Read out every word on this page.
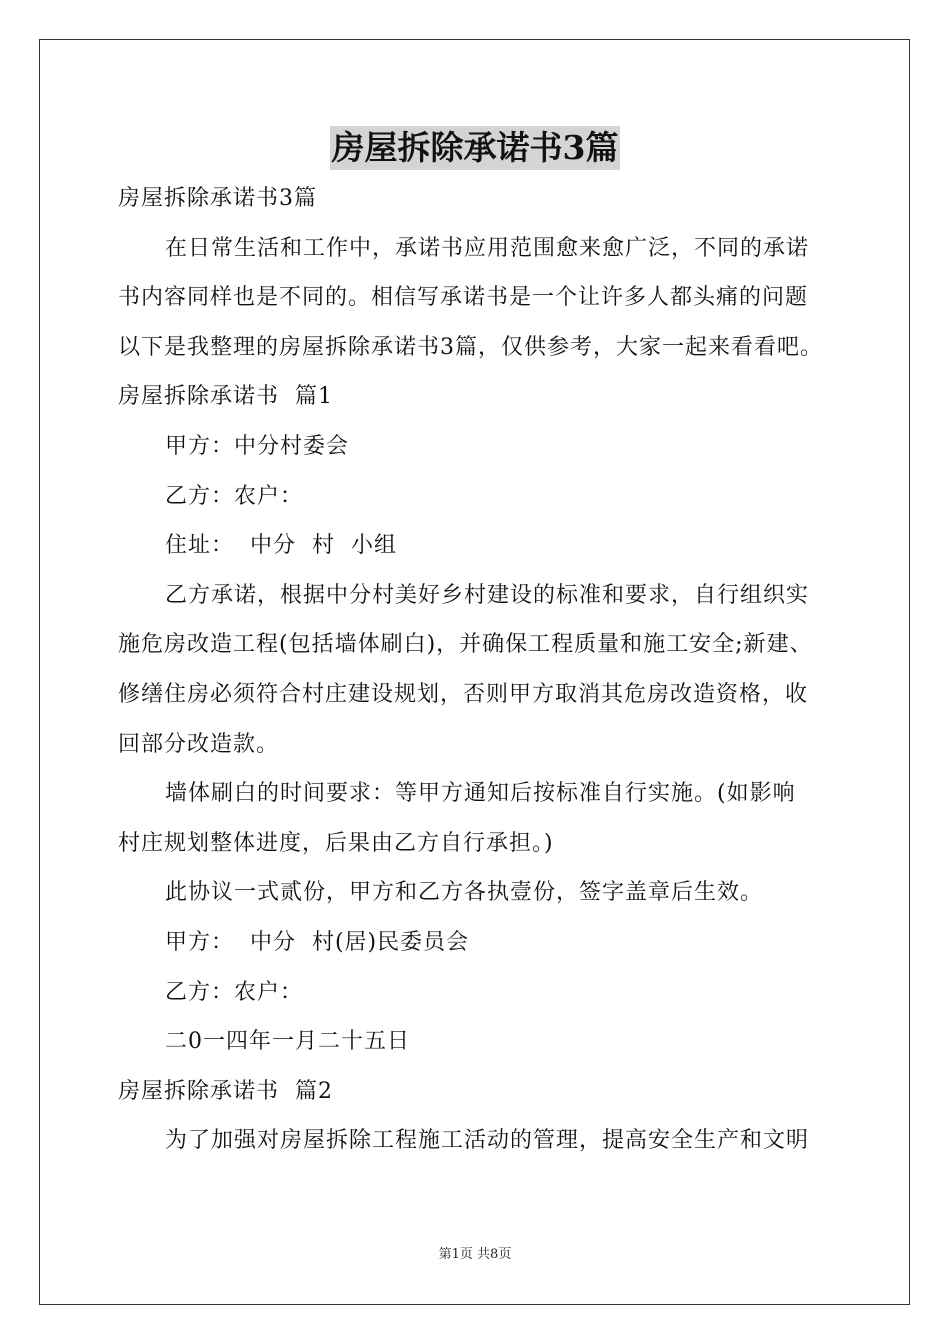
房屋拆除承诺书3篇
房屋拆除承诺书3篇
在日常生活和工作中，承诺书应用范围愈来愈广泛，不同的承诺
书内容同样也是不同的。相信写承诺书是一个让许多人都头痛的问题
以下是我整理的房屋拆除承诺书3篇，仅供参考，大家一起来看看吧。
房屋拆除承诺书  篇1
甲方：中分村委会
乙方：农户：
住址：  中分  村  小组
乙方承诺，根据中分村美好乡村建设的标准和要求，自行组织实
施危房改造工程(包括墙体刷白)，并确保工程质量和施工安全;新建、
修缮住房必须符合村庄建设规划，否则甲方取消其危房改造资格，收
回部分改造款。
墙体刷白的时间要求：等甲方通知后按标准自行实施。(如影响
村庄规划整体进度，后果由乙方自行承担。)
此协议一式贰份，甲方和乙方各执壹份，签字盖章后生效。
甲方：  中分  村(居)民委员会
乙方：农户：
二0一四年一月二十五日
房屋拆除承诺书  篇2
为了加强对房屋拆除工程施工活动的管理，提高安全生产和文明
第1页 共8页
